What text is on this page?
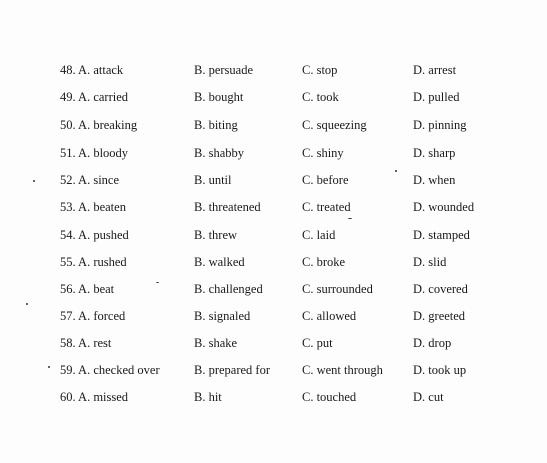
48. A. attack	B. persuade	C. stop	D. arrest
49. A. carried	B. bought	C. took	D. pulled
50. A. breaking	B. biting	C. squeezing	D. pinning
51. A. bloody	B. shabby	C. shiny	D. sharp
52. A. since	B. until	C. before	D. when
53. A. beaten	B. threatened	C. treated	D. wounded
54. A. pushed	B. threw	C. laid	D. stamped
55. A. rushed	B. walked	C. broke	D. slid
56. A. beat	B. challenged	C. surrounded	D. covered
57. A. forced	B. signaled	C. allowed	D. greeted
58. A. rest	B. shake	C. put	D. drop
59. A. checked over	B. prepared for	C. went through D. took up
60. A. missed	B. hit	C. touched	D. cut
